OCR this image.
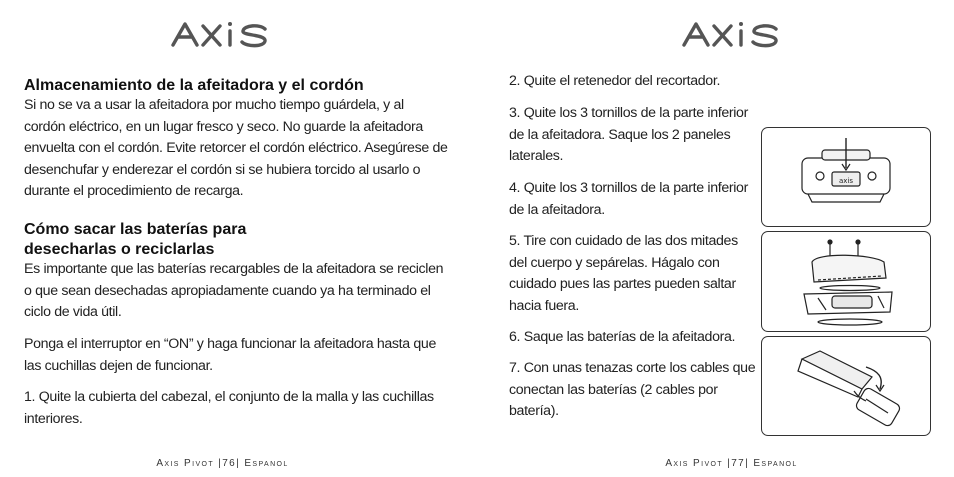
Almacenamiento de la afeitadora y el cordón

Si no se va a usar la afeitadora por mucho tiempo guárdela, y al cordón eléctrico, en un lugar fresco y seco. No guarde la afeitadora envuelta con el cordón. Evite retorcer el cordón eléctrico. Asegúrese de desenchufar y enderezar el cordón si se hubiera torcido al usarlo o durante el procedimiento de recarga.

Cómo sacar las baterías para
desecharlas o reciclarlas

Es importante que las baterías recargables de la afeitadora se reciclen o que sean desechadas apropiadamente cuando ya ha terminado el ciclo de vida útil.

Ponga el interruptor en “ON” y haga funcionar la afeitadora hasta que las cuchillas dejen de funcionar.

1. Quite la cubierta del cabezal, el conjunto de la malla y las cuchillas interiores.

Axis Pivot |76| Espanol

2. Quite el retenedor del recortador.

3. Quite los 3 tornillos de la parte inferior de la afeitadora. Saque los 2 paneles laterales.

4. Quite los 3 tornillos de la parte inferior de la afeitadora.

5. Tire con cuidado de las dos mitades del cuerpo y sepárelas. Hágalo con cuidado pues las partes pueden saltar hacia fuera.

6. Saque las baterías de la afeitadora.

7. Con unas tenazas corte los cables que conectan las baterías (2 cables por batería).

axis
Axis Pivot |77| Espanol
